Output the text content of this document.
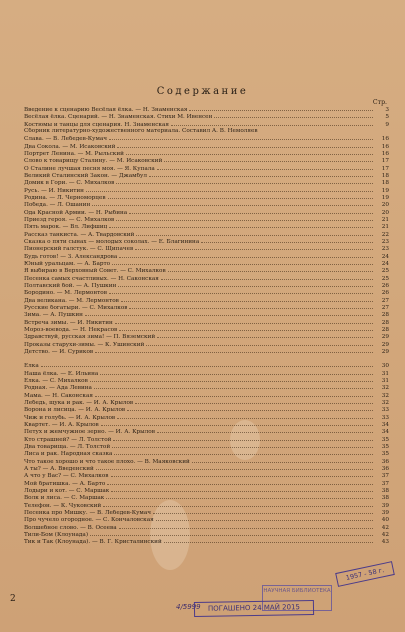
Содержание
Стр.
Введение к сценарию Весёлая ёлка. — Н. Знаменская	3
Весёлая ёлка. Сценарий. — Н. Знаменская. Стихи М. Ивенсен	5
Костюмы и танцы для сценария. Н. Знаменская	9
Сборник литературно-художественного материала. Составил А. В. Немоляев
Слава. — В. Лебедев-Кумач	16
Два Сокола. — М. Исаковский	16
Портрет Ленина. — М. Рыльский	16
Слово к товарищу Сталину. — М. Исаковский	17
О Сталине лучшая песня моя. — Я. Купала	17
Великий Сталинский Закон. — Джамбул	18
Домик в Гори. — С. Михалков	18
Русь. — И. Никитин	19
Родина. — Л. Черноморцев	19
Победа. — Л. Ошанин	20
Ода Красной Армии. — Н. Рыбина	20
Приезд героя. — С. Михалков	21
Пять марок. — Вл. Лифшиц	21
Рассказ танкиста. — А. Твардовский	22
Сказка о пяти сынах — молодых соколах. — Е. Благинина	23
Пионерский галстук. — С. Щипачев	23
Будь готов! — З. Александрова	24
Юный уральцам. — А. Барто	24
Я выбираю в Верховный Совет. — С. Михалков	25
Песенка самых счастливых. — Н. Саконская	25
Полтавский бой. — А. Пушкин	26
Бородино. — М. Лермонтов	26
Два великана. — М. Лермонтов	27
Русские богатыри. — С. Михалков	27
Зима. — А. Пушкин	28
Встреча зимы. — И. Никитин	28
Мороз-воевода. — Н. Некрасов	28
Здравствуй, русская зима! — П. Вяземский	29
Проказы старухи-зимы. — К. Ушинский	29
Детство. — И. Суриков	29
Ёлка	30
Наша ёлка. — Е. Ильина	31
Ёлка. — С. Михалков	31
Родная. — Ада Левина	32
Мама. — Н. Саконская	32
Лебедь, щука и рак. — И. А. Крылов	32
Ворона и лисица. — И. А. Крылов	33
Чиж и голубь. — И. А. Крылов	33
Квартет. — И. А. Крылов	34
Петух и жемчужное зерно. — И. А. Крылов	34
Кто страшней? — Л. Толстой	35
Два товарища. — Л. Толстой	35
Лиса и рак. Народная сказка	35
Что такое хорошо и что такое плохо. — В. Маяковский	36
А ты? — А. Введенский	36
А что у Вас? — С. Михалков	37
Мой братишка. — А. Барто	37
Лодыри и кот. — С. Маршак	38
Волк и лиса. — С. Маршак	38
Телефон. — К. Чуковский	39
Песенка про Мишку. — В. Лебедев-Кумач	39
Про чучело огородное. — С. Кончаловская	40
Волшебное слово. — В. Осеева	42
Тили-Бом (Клоунада)	42
Тик и Так (Клоунада). — В. Г. Кристалинский	43
2
4/5999
НАУЧНАЯ БИБЛИОТЕКА
ПОГАШЕНО 24 МАЙ 2015
1957 - 58 г.
